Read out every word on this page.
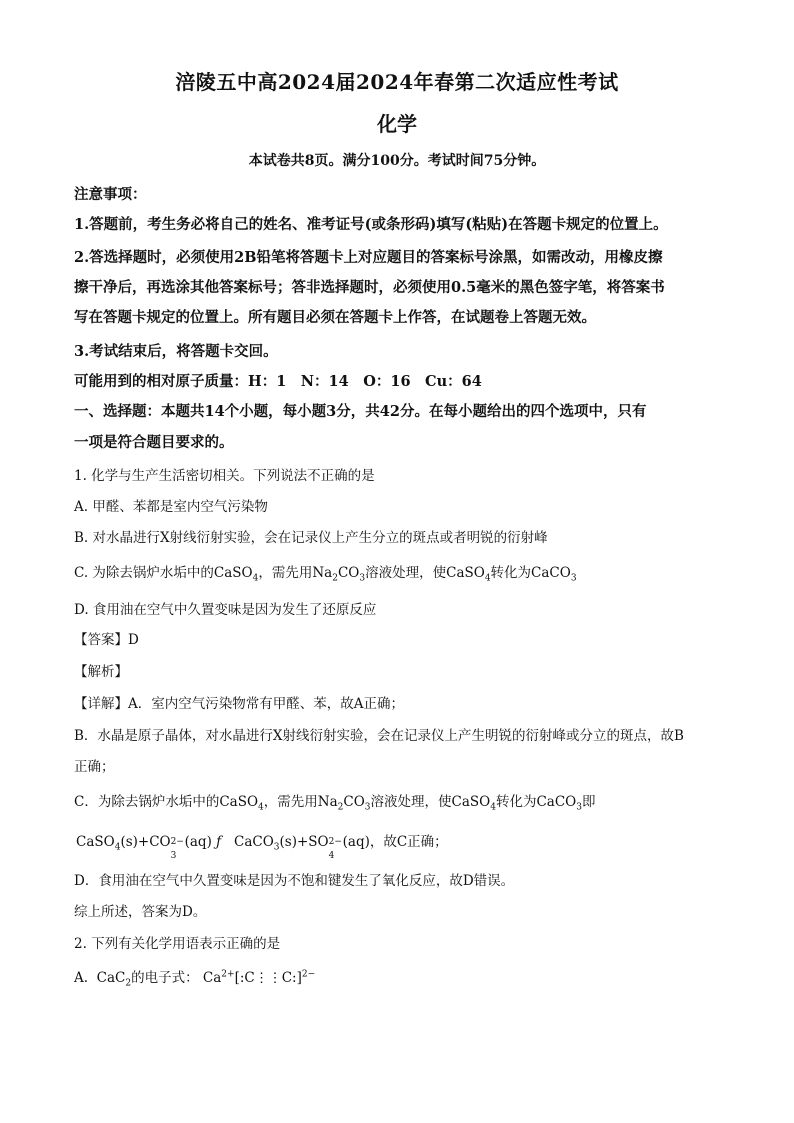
涪陵五中高2024届2024年春第二次适应性考试
化学
本试卷共8页。满分100分。考试时间75分钟。
注意事项：
1.答题前，考生务必将自己的姓名、准考证号(或条形码)填写(粘贴)在答题卡规定的位置上。
2.答选择题时，必须使用2B铅笔将答题卡上对应题目的答案标号涂黑，如需改动，用橡皮擦
擦干净后，再选涂其他答案标号；答非选择题时，必须使用0.5毫米的黑色签字笔，将答案书
写在答题卡规定的位置上。所有题目必须在答题卡上作答，在试题卷上答题无效。
3.考试结束后，将答题卡交回。
可能用到的相对原子质量：H：1　N：14　O：16　Cu：64
一、选择题：本题共14个小题，每小题3分，共42分。在每小题给出的四个选项中，只有
一项是符合题目要求的。
1. 化学与生产生活密切相关。下列说法不正确的是
A. 甲醛、苯都是室内空气污染物
B. 对水晶进行X射线衍射实验，会在记录仪上产生分立的斑点或者明锐的衍射峰
C. 为除去锅炉水垢中的CaSO$_4$，需先用$Na_2CO_3$溶液处理，使CaSO$_4$转化为CaCO$_3$
D. 食用油在空气中久置变味是因为发生了还原反应
【答案】D
【解析】
【详解】A．室内空气污染物常有甲醛、苯，故A正确；
B．水晶是原子晶体，对水晶进行X射线衍射实验，会在记录仪上产生明锐的衍射峰或分立的斑点，故B
正确；
C．为除去锅炉水垢中的CaSO$_4$，需先用$Na_2CO_3$溶液处理，使CaSO$_4$转化为CaCO$_3$即
CaSO$_4$(s)+CO 2−
3
(aq) ƒ CaCO$_3$(s)+SO 2−
4
(aq)，故C正确；
D．食用油在空气中久置变味是因为不饱和键发生了氧化反应，故D错误。
综上所述，答案为D。
2. 下列有关化学用语表示正确的是
A.  CaC$_2$的电子式： $Ca^{2+}[:C⋮⋮C:]^{2-}$
